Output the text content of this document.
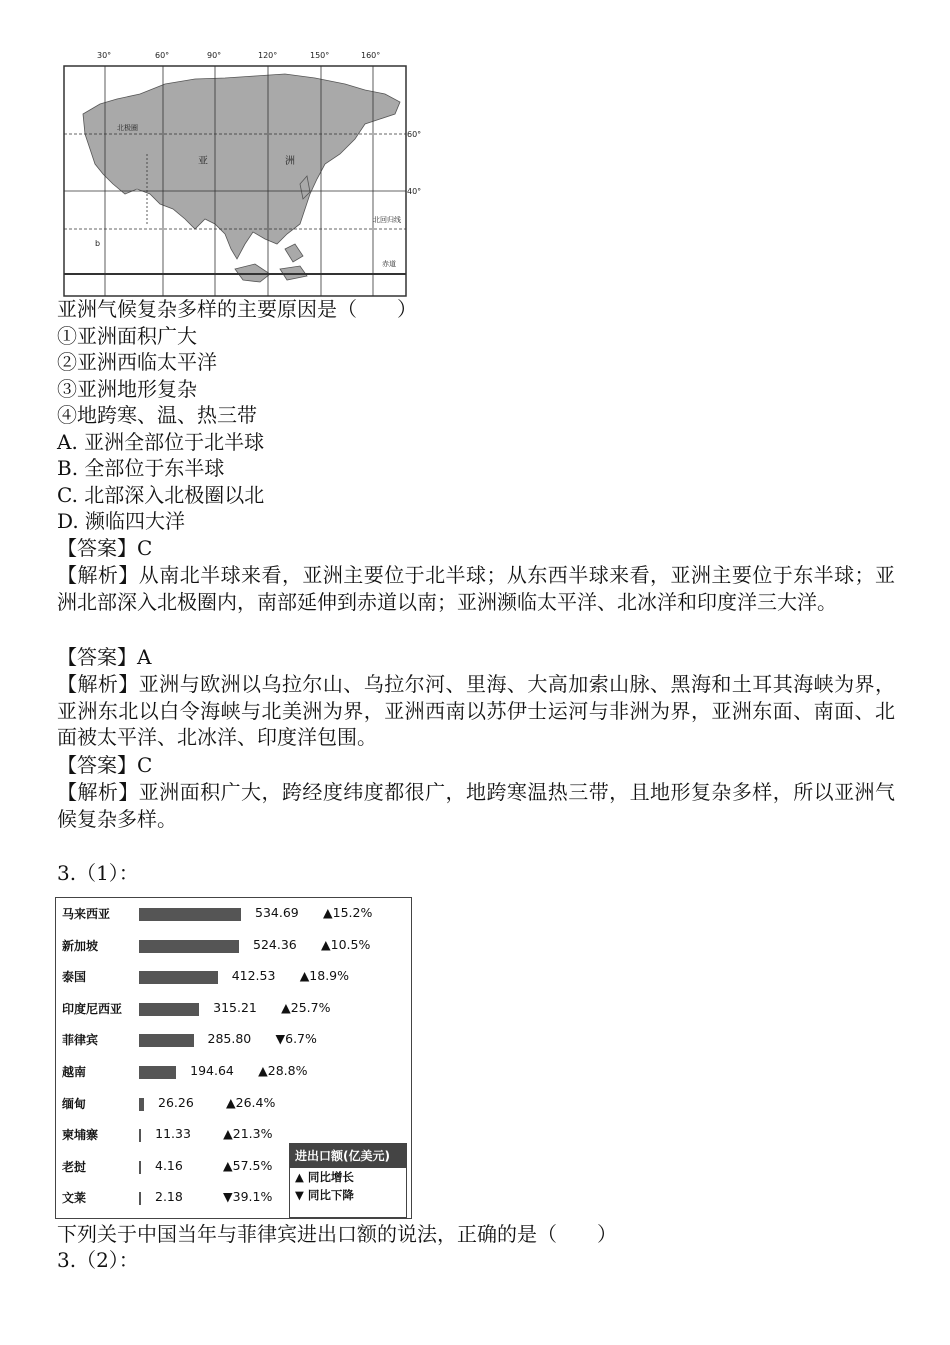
30°	60°	90°	120°	150°	160°
60°
40°
北极圈
亚	洲
北回归线
赤道
b
亚洲气候复杂多样的主要原因是（　　）
①亚洲面积广大
②亚洲西临太平洋
③亚洲地形复杂
④地跨寒、温、热三带
A. 亚洲全部位于北半球
B. 全部位于东半球
C. 北部深入北极圈以北
D. 濒临四大洋
【答案】C
【解析】从南北半球来看，亚洲主要位于北半球；从东西半球来看，亚洲主要位于东半球；亚洲北部深入北极圈内，南部延伸到赤道以南；亚洲濒临太平洋、北冰洋和印度洋三大洋。
【答案】A
【解析】亚洲与欧洲以乌拉尔山、乌拉尔河、里海、大高加索山脉、黑海和土耳其海峡为界，亚洲东北以白令海峡与北美洲为界，亚洲西南以苏伊士运河与非洲为界，亚洲东面、南面、北面被太平洋、北冰洋、印度洋包围。
【答案】C
【解析】亚洲面积广大，跨经度纬度都很广，地跨寒温热三带，且地形复杂多样，所以亚洲气候复杂多样。
3.（1）：
马来西亚	534.69 ▲15.2%
新加坡	524.36 ▲10.5%
泰国	412.53 ▲18.9%
印度尼西亚	315.21 ▲25.7%
菲律宾	285.80 ▼6.7%
越南	194.64 ▲28.8%
缅甸	26.26	▲26.4%
柬埔寨	11.33	▲21.3%
老挝	4.16	▲57.5%
文莱	2.18	▼39.1%
进出口额(亿美元)
▲ 同比增长
▼ 同比下降
下列关于中国当年与菲律宾进出口额的说法，正确的是（　　）
3.（2）：
